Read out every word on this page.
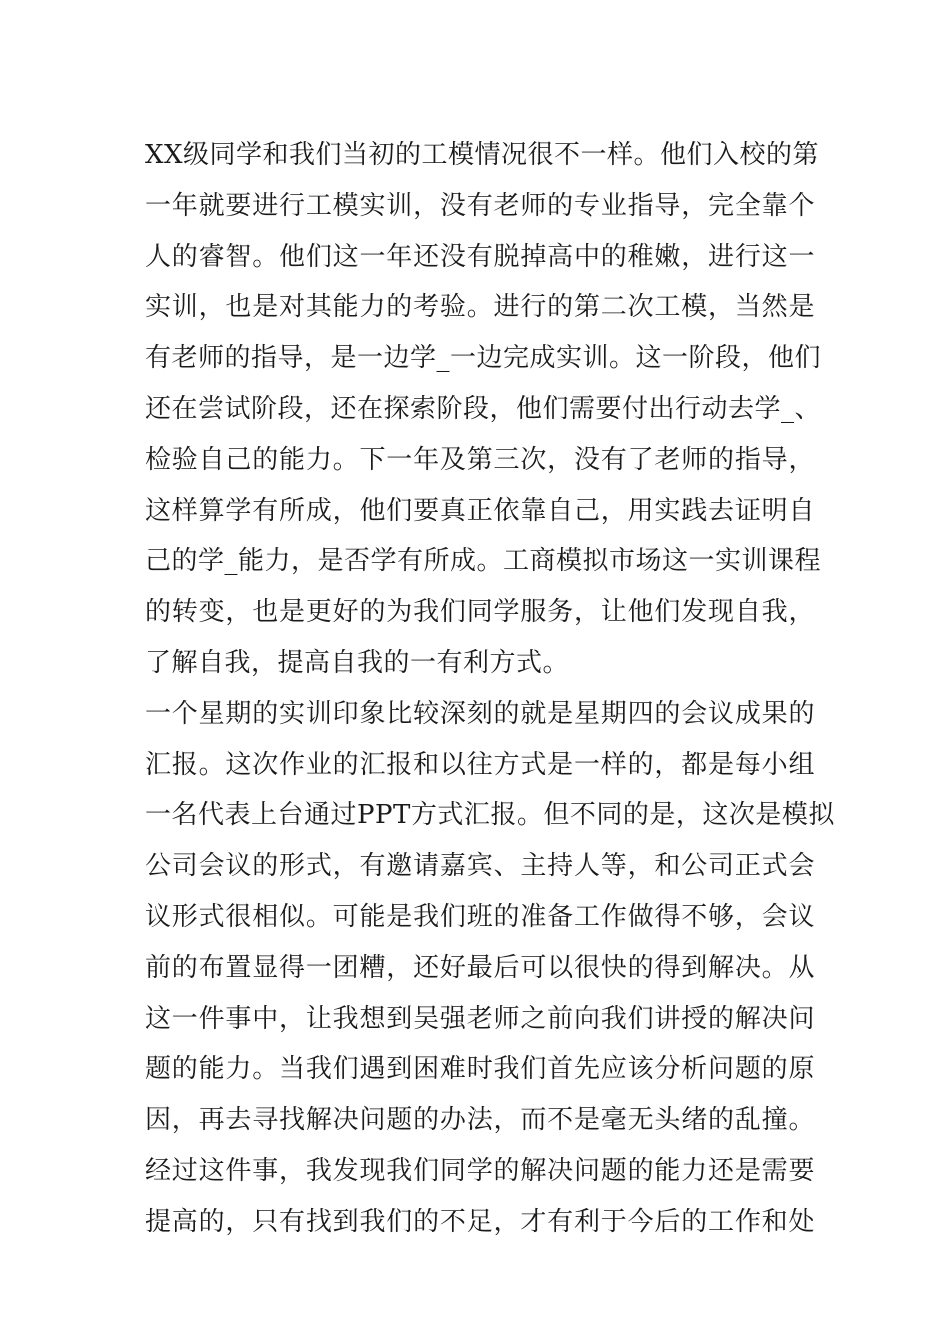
XX级同学和我们当初的工模情况很不一样。他们入校的第
一年就要进行工模实训，没有老师的专业指导，完全靠个
人的睿智。他们这一年还没有脱掉高中的稚嫩，进行这一
实训，也是对其能力的考验。进行的第二次工模，当然是
有老师的指导，是一边学_一边完成实训。这一阶段，他们
还在尝试阶段，还在探索阶段，他们需要付出行动去学_、
检验自己的能力。下一年及第三次，没有了老师的指导，
这样算学有所成，他们要真正依靠自己，用实践去证明自
己的学_能力，是否学有所成。工商模拟市场这一实训课程
的转变，也是更好的为我们同学服务，让他们发现自我，
了解自我，提高自我的一有利方式。
一个星期的实训印象比较深刻的就是星期四的会议成果的
汇报。这次作业的汇报和以往方式是一样的，都是每小组
一名代表上台通过PPT方式汇报。但不同的是，这次是模拟
公司会议的形式，有邀请嘉宾、主持人等，和公司正式会
议形式很相似。可能是我们班的准备工作做得不够，会议
前的布置显得一团糟，还好最后可以很快的得到解决。从
这一件事中，让我想到吴强老师之前向我们讲授的解决问
题的能力。当我们遇到困难时我们首先应该分析问题的原
因，再去寻找解决问题的办法，而不是毫无头绪的乱撞。
经过这件事，我发现我们同学的解决问题的能力还是需要
提高的，只有找到我们的不足，才有利于今后的工作和处
